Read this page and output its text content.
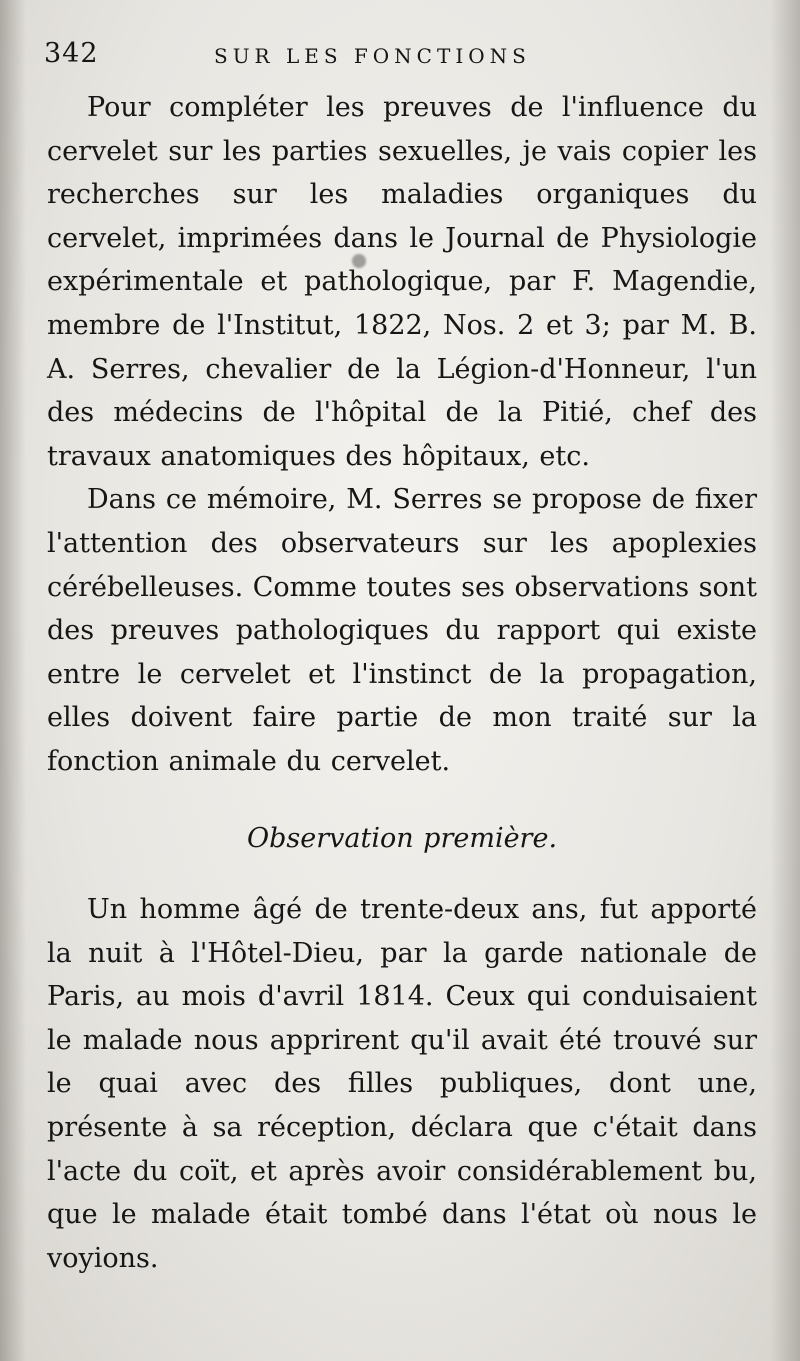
342	SUR LES FONCTIONS

Pour compléter les preuves de l'influence du cervelet sur les parties sexuelles, je vais copier les recherches sur les maladies organiques du cervelet, imprimées dans le Journal de Physiologie expérimentale et pathologique, par F. Magendie, membre de l'Institut, 1822, Nos. 2 et 3; par M. B. A. Serres, chevalier de la Légion-d'Honneur, l'un des médecins de l'hôpital de la Pitié, chef des travaux anatomiques des hôpitaux, etc.

Dans ce mémoire, M. Serres se propose de fixer l'attention des observateurs sur les apoplexies cérébelleuses. Comme toutes ses observations sont des preuves pathologiques du rapport qui existe entre le cervelet et l'instinct de la propagation, elles doivent faire partie de mon traité sur la fonction animale du cervelet.

Observation première.

Un homme âgé de trente-deux ans, fut apporté la nuit à l'Hôtel-Dieu, par la garde nationale de Paris, au mois d'avril 1814. Ceux qui conduisaient le malade nous apprirent qu'il avait été trouvé sur le quai avec des filles publiques, dont une, présente à sa réception, déclara que c'était dans l'acte du coït, et après avoir considérablement bu, que le malade était tombé dans l'état où nous le voyions.
